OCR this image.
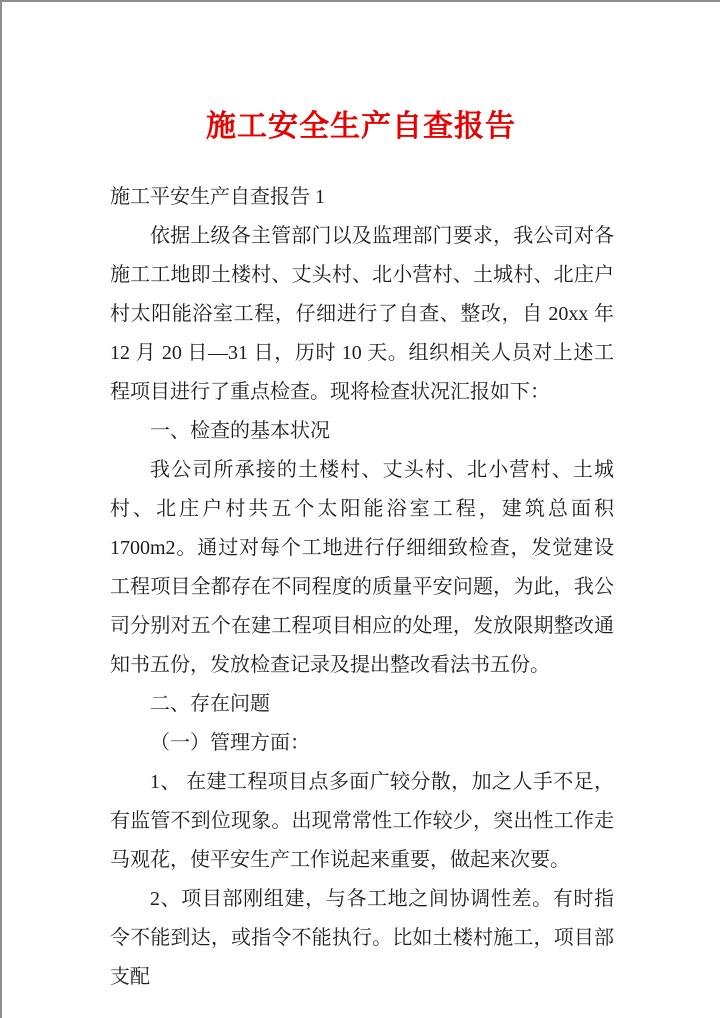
施工安全生产自查报告

施工平安生产自查报告 1

依据上级各主管部门以及监理部门要求，我公司对各施工工地即土楼村、丈头村、北小营村、土城村、北庄户村太阳能浴室工程，仔细进行了自查、整改，自 20xx 年 12 月 20 日—31 日，历时 10 天。组织相关人员对上述工程项目进行了重点检查。现将检查状况汇报如下：

一、检查的基本状况

我公司所承接的土楼村、丈头村、北小营村、土城村、北庄户村共五个太阳能浴室工程，建筑总面积 1700m2。通过对每个工地进行仔细细致检查，发觉建设工程项目全都存在不同程度的质量平安问题，为此，我公司分别对五个在建工程项目相应的处理，发放限期整改通知书五份，发放检查记录及提出整改看法书五份。

二、存在问题

（一）管理方面：

1、 在建工程项目点多面广较分散，加之人手不足，有监管不到位现象。出现常常性工作较少，突出性工作走马观花，使平安生产工作说起来重要，做起来次要。

2、项目部刚组建，与各工地之间协调性差。有时指令不能到达，或指令不能执行。比如土楼村施工，项目部支配
